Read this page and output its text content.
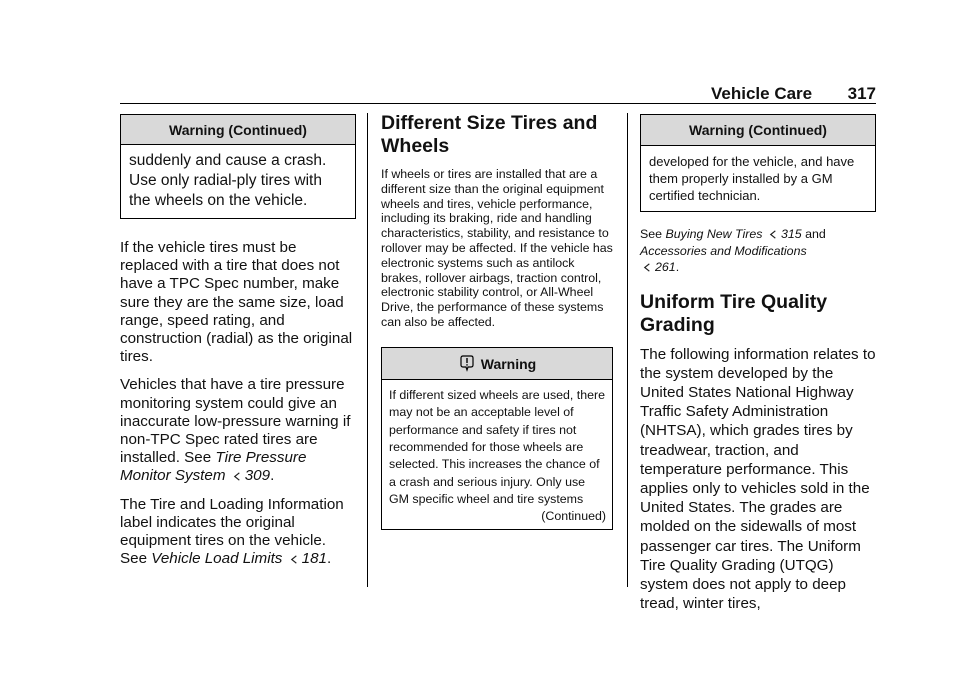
Vehicle Care 317
Warning (Continued)
suddenly and cause a crash. Use only radial-ply tires with the wheels on the vehicle.

If the vehicle tires must be replaced with a tire that does not have a TPC Spec number, make sure they are the same size, load range, speed rating, and construction (radial) as the original tires.

Vehicles that have a tire pressure monitoring system could give an inaccurate low-pressure warning if non-TPC Spec rated tires are installed. See Tire Pressure Monitor System 309.

The Tire and Loading Information label indicates the original equipment tires on the vehicle. See Vehicle Load Limits 181.

Different Size Tires and Wheels

If wheels or tires are installed that are a different size than the original equipment wheels and tires, vehicle performance, including its braking, ride and handling characteristics, stability, and resistance to rollover may be affected. If the vehicle has electronic systems such as antilock brakes, rollover airbags, traction control, electronic stability control, or All-Wheel Drive, the performance of these systems can also be affected.

Warning
If different sized wheels are used, there may not be an acceptable level of performance and safety if tires not recommended for those wheels are selected. This increases the chance of a crash and serious injury. Only use GM specific wheel and tire systems
(Continued)
Warning (Continued)
developed for the vehicle, and have them properly installed by a GM certified technician.
See Buying New Tires 315 and
Accessories and Modifications
261.
Uniform Tire Quality Grading

The following information relates to the system developed by the United States National Highway Traffic Safety Administration (NHTSA), which grades tires by treadwear, traction, and temperature performance. This applies only to vehicles sold in the United States. The grades are molded on the sidewalls of most passenger car tires. The Uniform Tire Quality Grading (UTQG) system does not apply to deep tread, winter tires,
